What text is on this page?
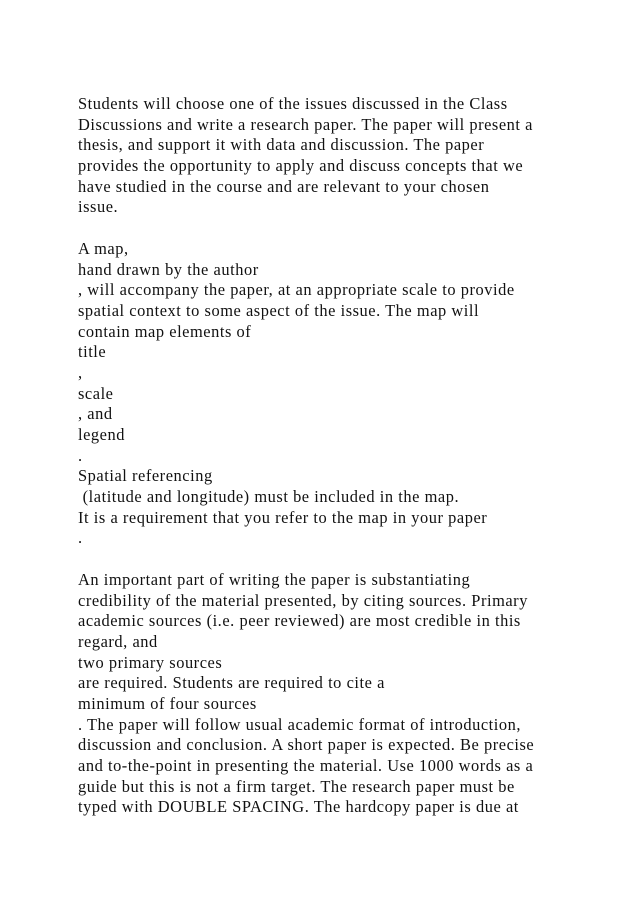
Students will choose one of the issues discussed in the Class
Discussions and write a research paper. The paper will present a
thesis, and support it with data and discussion. The paper
provides the opportunity to apply and discuss concepts that we
have studied in the course and are relevant to your chosen
issue.
A map,
hand drawn by the author
, will accompany the paper, at an appropriate scale to provide
spatial context to some aspect of the issue. The map will
contain map elements of
title
,
scale
, and
legend
.
Spatial referencing
(latitude and longitude) must be included in the map.
It is a requirement that you refer to the map in your paper
.
An important part of writing the paper is substantiating
credibility of the material presented, by citing sources. Primary
academic sources (i.e. peer reviewed) are most credible in this
regard, and
two primary sources
are required. Students are required to cite a
minimum of four sources
. The paper will follow usual academic format of introduction,
discussion and conclusion. A short paper is expected. Be precise
and to-the-point in presenting the material. Use 1000 words as a
guide but this is not a firm target. The research paper must be
typed with DOUBLE SPACING. The hardcopy paper is due at
